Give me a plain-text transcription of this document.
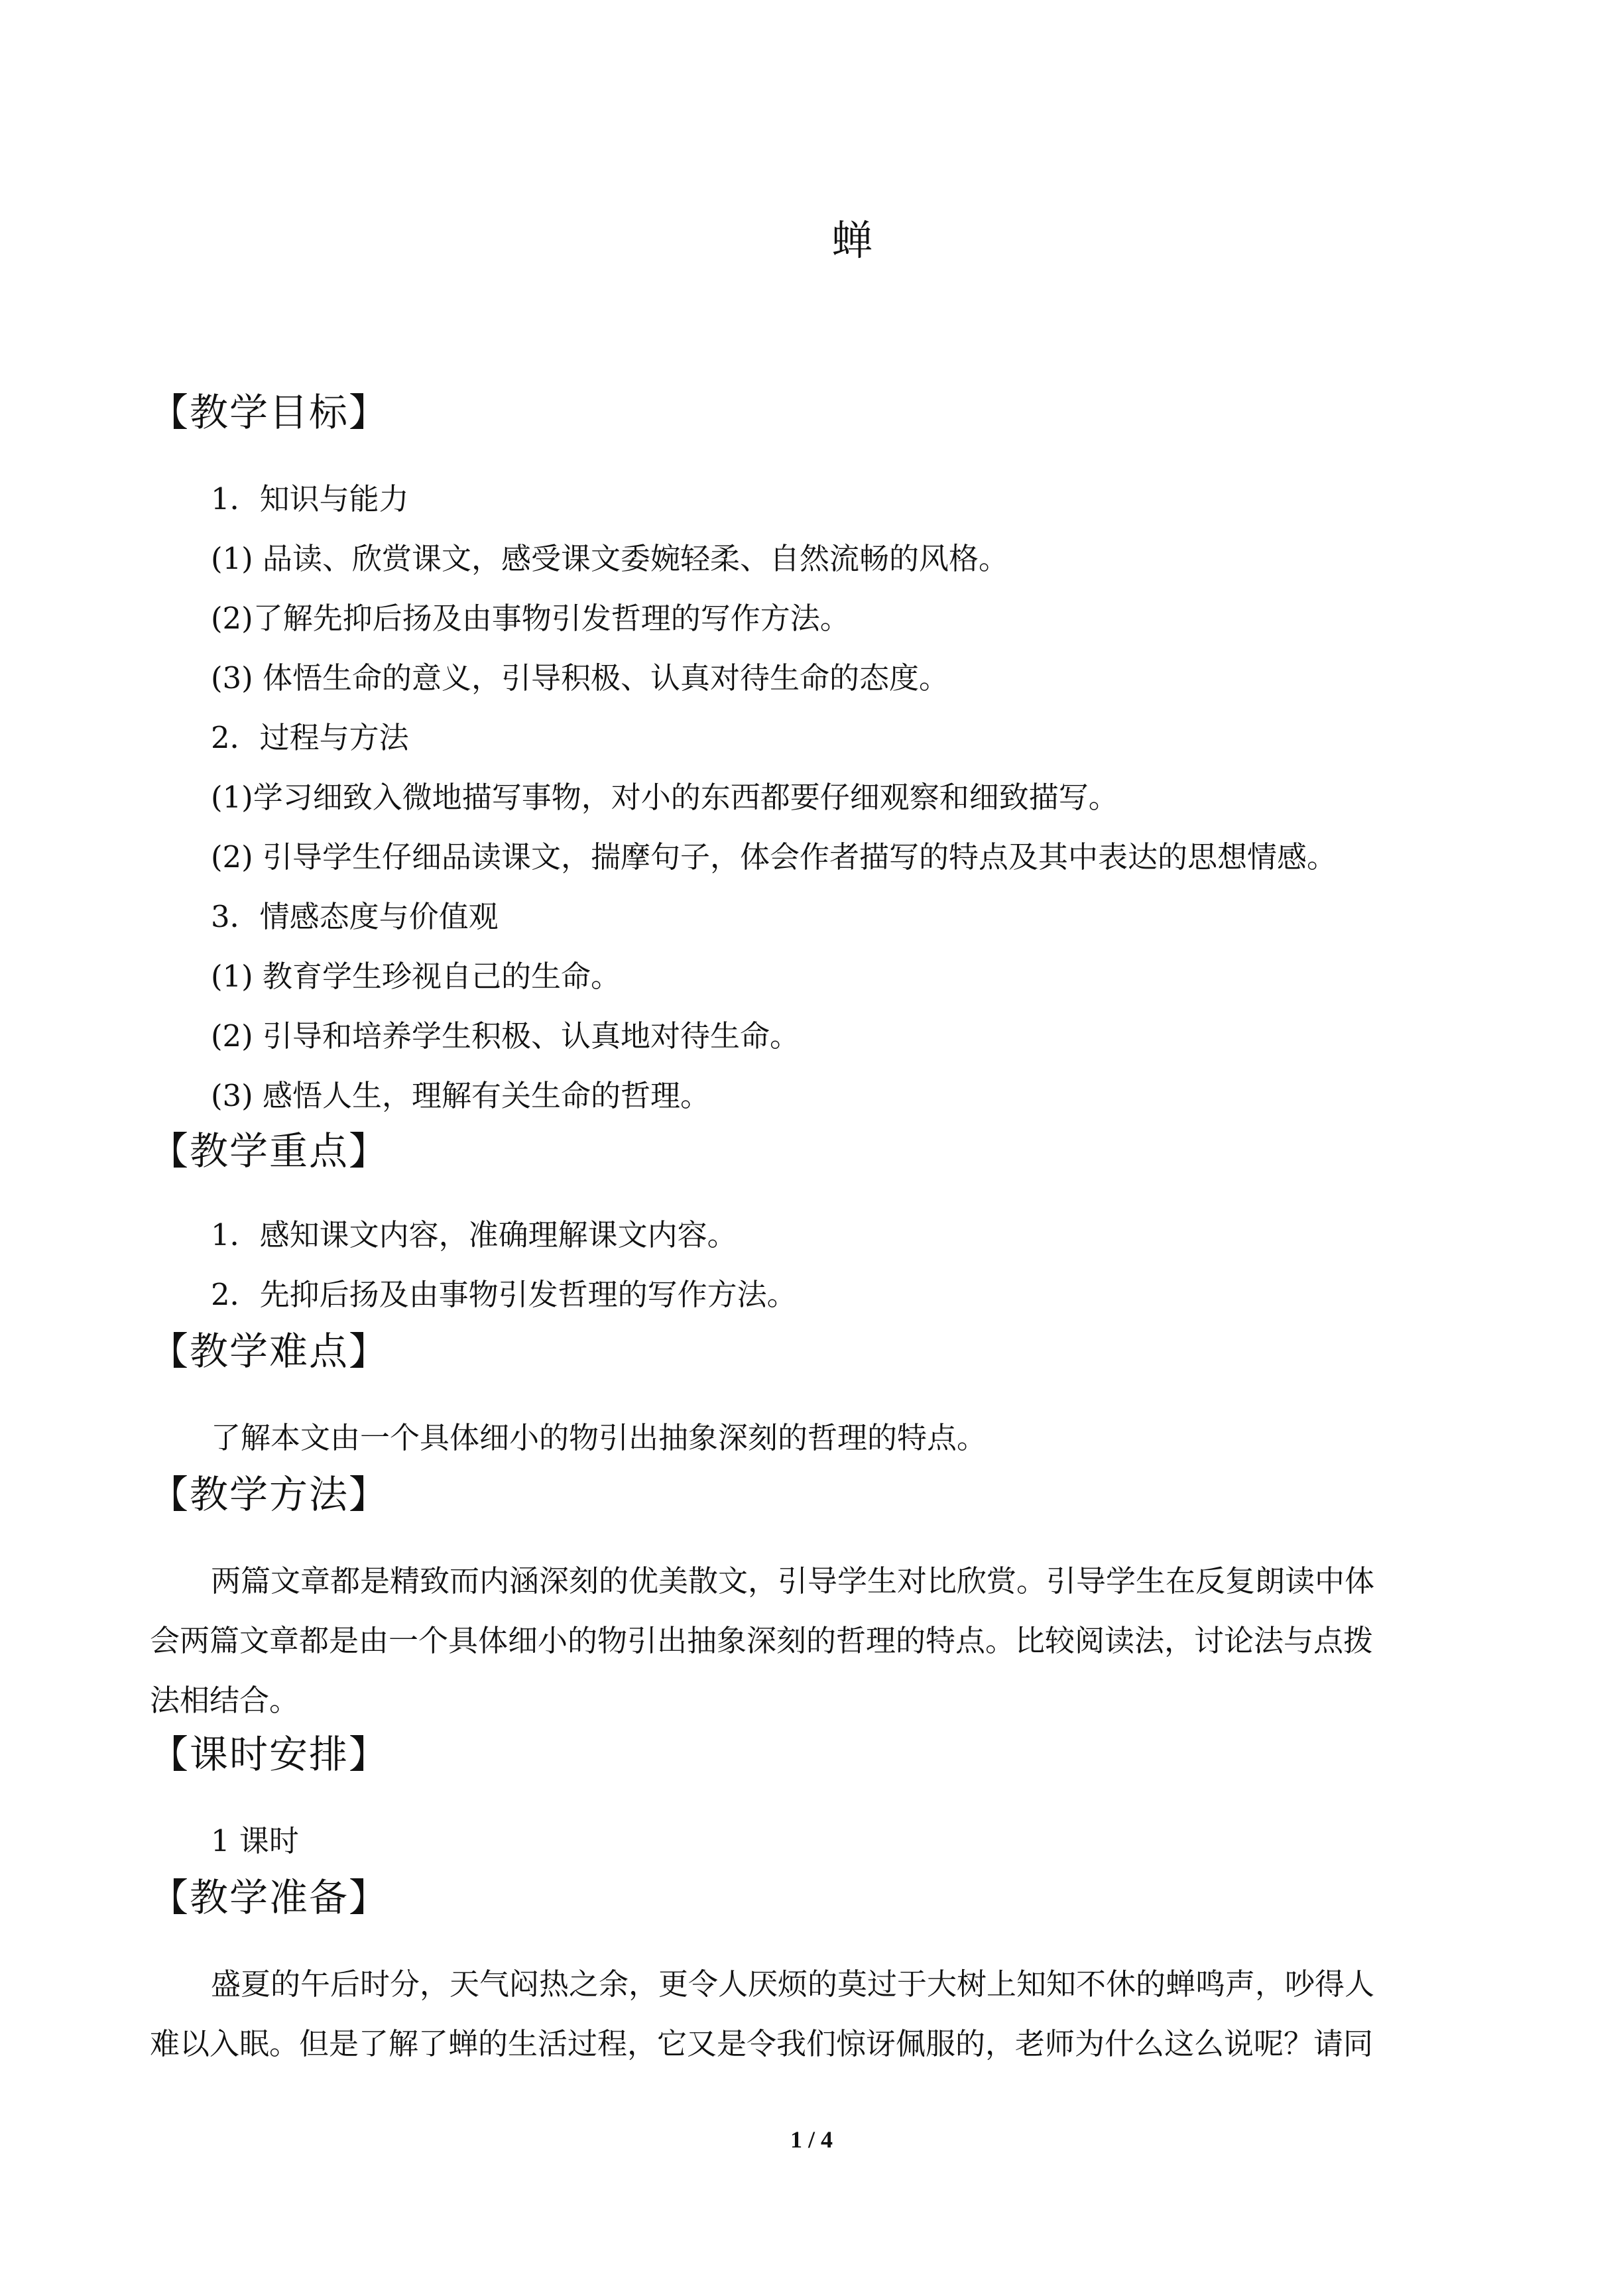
蝉
【教学目标】

1．知识与能力

(1) 品读、欣赏课文，感受课文委婉轻柔、自然流畅的风格。

(2)了解先抑后扬及由事物引发哲理的写作方法。

(3) 体悟生命的意义，引导积极、认真对待生命的态度。

2．过程与方法

(1)学习细致入微地描写事物，对小的东西都要仔细观察和细致描写。

(2) 引导学生仔细品读课文，揣摩句子，体会作者描写的特点及其中表达的思想情感。

3．情感态度与价值观

(1) 教育学生珍视自己的生命。

(2) 引导和培养学生积极、认真地对待生命。

(3) 感悟人生，理解有关生命的哲理。

【教学重点】

1．感知课文内容，准确理解课文内容。

2．先抑后扬及由事物引发哲理的写作方法。

【教学难点】

了解本文由一个具体细小的物引出抽象深刻的哲理的特点。

【教学方法】

两篇文章都是精致而内涵深刻的优美散文，引导学生对比欣赏。引导学生在反复朗读中体

会两篇文章都是由一个具体细小的物引出抽象深刻的哲理的特点。比较阅读法，讨论法与点拨

法相结合。

【课时安排】

1 课时

【教学准备】

盛夏的午后时分，天气闷热之余，更令人厌烦的莫过于大树上知知不休的蝉鸣声，吵得人

难以入眠。但是了解了蝉的生活过程，它又是令我们惊讶佩服的，老师为什么这么说呢？请同

1 / 4
